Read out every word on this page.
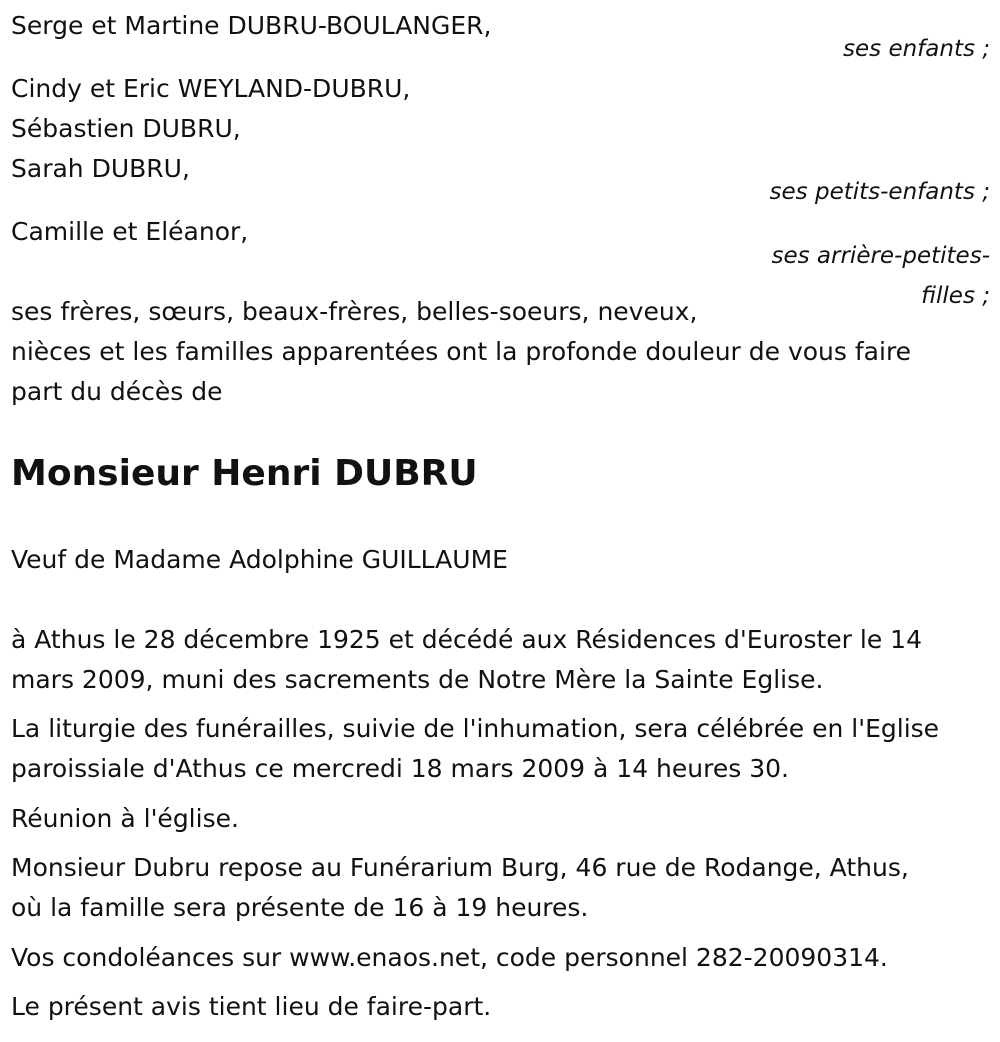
Serge et Martine DUBRU-BOULANGER,
ses enfants ;
Cindy et Eric WEYLAND-DUBRU,
Sébastien DUBRU,
Sarah DUBRU,
ses petits-enfants ;
Camille et Eléanor,
ses arrière-petites-
filles ;
ses frères, sœurs, beaux-frères, belles-soeurs, neveux,
nièces et les familles apparentées ont la profonde douleur de vous faire
part du décès de
Monsieur Henri DUBRU
Veuf de Madame Adolphine GUILLAUME
à Athus le 28 décembre 1925 et décédé aux Résidences d'Euroster le 14
mars 2009, muni des sacrements de Notre Mère la Sainte Eglise.
La liturgie des funérailles, suivie de l'inhumation, sera célébrée en l'Eglise
paroissiale d'Athus ce mercredi 18 mars 2009 à 14 heures 30.
Réunion à l'église.
Monsieur Dubru repose au Funérarium Burg, 46 rue de Rodange, Athus,
où la famille sera présente de 16 à 19 heures.
Vos condoléances sur www.enaos.net, code personnel 282-20090314.
Le présent avis tient lieu de faire-part.
